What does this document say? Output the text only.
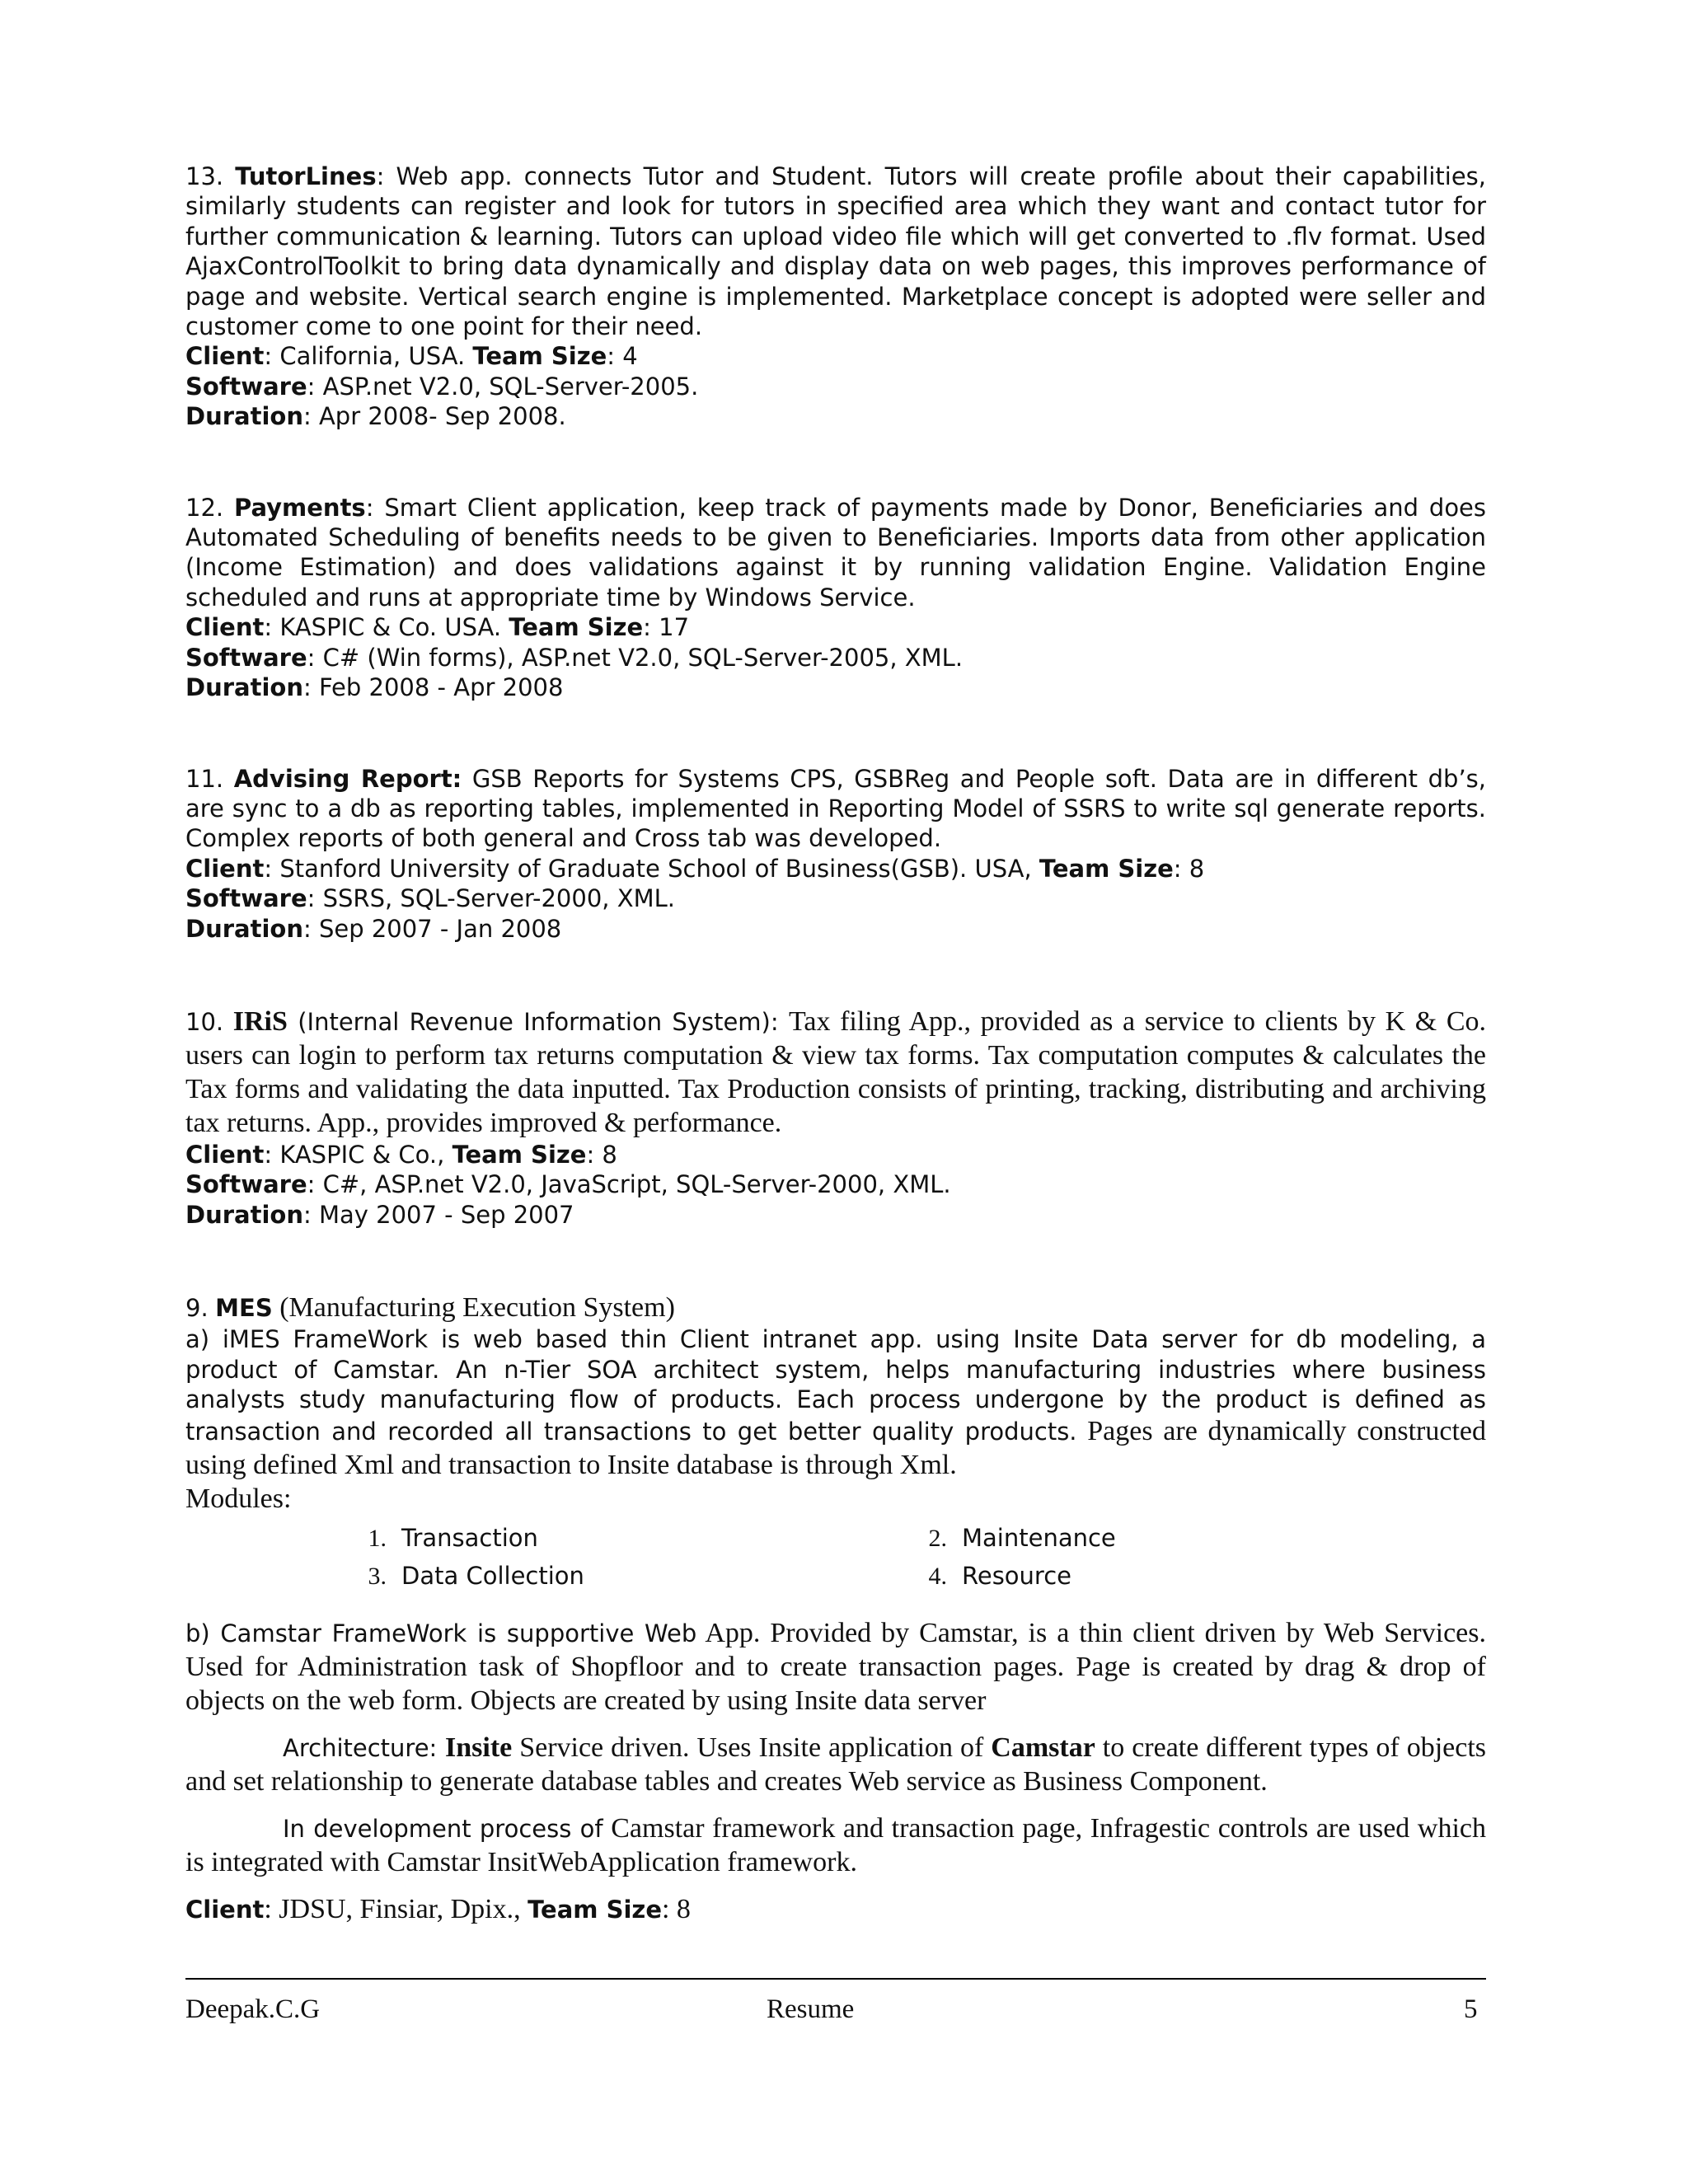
13. TutorLines: Web app. connects Tutor and Student. Tutors will create profile about their capabilities, similarly students can register and look for tutors in specified area which they want and contact tutor for further communication & learning. Tutors can upload video file which will get converted to .flv format. Used AjaxControlToolkit to bring data dynamically and display data on web pages, this improves performance of page and website. Vertical search engine is implemented. Marketplace concept is adopted were seller and customer come to one point for their need.

Client: California, USA. Team Size: 4

Software: ASP.net V2.0, SQL-Server-2005.

Duration: Apr 2008- Sep 2008.

12. Payments: Smart Client application, keep track of payments made by Donor, Beneficiaries and does Automated Scheduling of benefits needs to be given to Beneficiaries. Imports data from other application (Income Estimation) and does validations against it by running validation Engine. Validation Engine scheduled and runs at appropriate time by Windows Service.

Client: KASPIC & Co. USA. Team Size: 17

Software: C# (Win forms), ASP.net V2.0, SQL-Server-2005, XML.

Duration: Feb 2008 - Apr 2008

11. Advising Report: GSB Reports for Systems CPS, GSBReg and People soft. Data are in different db’s, are sync to a db as reporting tables, implemented in Reporting Model of SSRS to write sql generate reports. Complex reports of both general and Cross tab was developed.

Client: Stanford University of Graduate School of Business(GSB). USA, Team Size: 8

Software: SSRS, SQL-Server-2000, XML.

Duration: Sep 2007 - Jan 2008

10. IRiS (Internal Revenue Information System): Tax filing App., provided as a service to clients by K & Co. users can login to perform tax returns computation & view tax forms. Tax computation computes & calculates the Tax forms and validating the data inputted. Tax Production consists of printing, tracking, distributing and archiving tax returns. App., provides improved & performance.

Client: KASPIC & Co., Team Size: 8

Software: C#, ASP.net V2.0, JavaScript, SQL-Server-2000, XML.

Duration: May 2007 - Sep 2007

9. MES (Manufacturing Execution System)

a) iMES FrameWork is web based thin Client intranet app. using Insite Data server for db modeling, a product of Camstar. An n-Tier SOA architect system, helps manufacturing industries where business analysts study manufacturing flow of products. Each process undergone by the product is defined as transaction and recorded all transactions to get better quality products. Pages are dynamically constructed using defined Xml and transaction to Insite database is through Xml.

Modules:

1. Transaction	2. Maintenance
3. Data Collection	4. Resource

b) Camstar FrameWork is supportive Web App. Provided by Camstar, is a thin client driven by Web Services. Used for Administration task of Shopfloor and to create transaction pages. Page is created by drag & drop of objects on the web form. Objects are created by using Insite data server

Architecture: Insite Service driven. Uses Insite application of Camstar to create different types of objects and set relationship to generate database tables and creates Web service as Business Component.

In development process of Camstar framework and transaction page, Infragestic controls are used which is integrated with Camstar InsitWebApplication framework.

Client: JDSU, Finsiar, Dpix., Team Size: 8

Deepak.C.G	Resume	5
